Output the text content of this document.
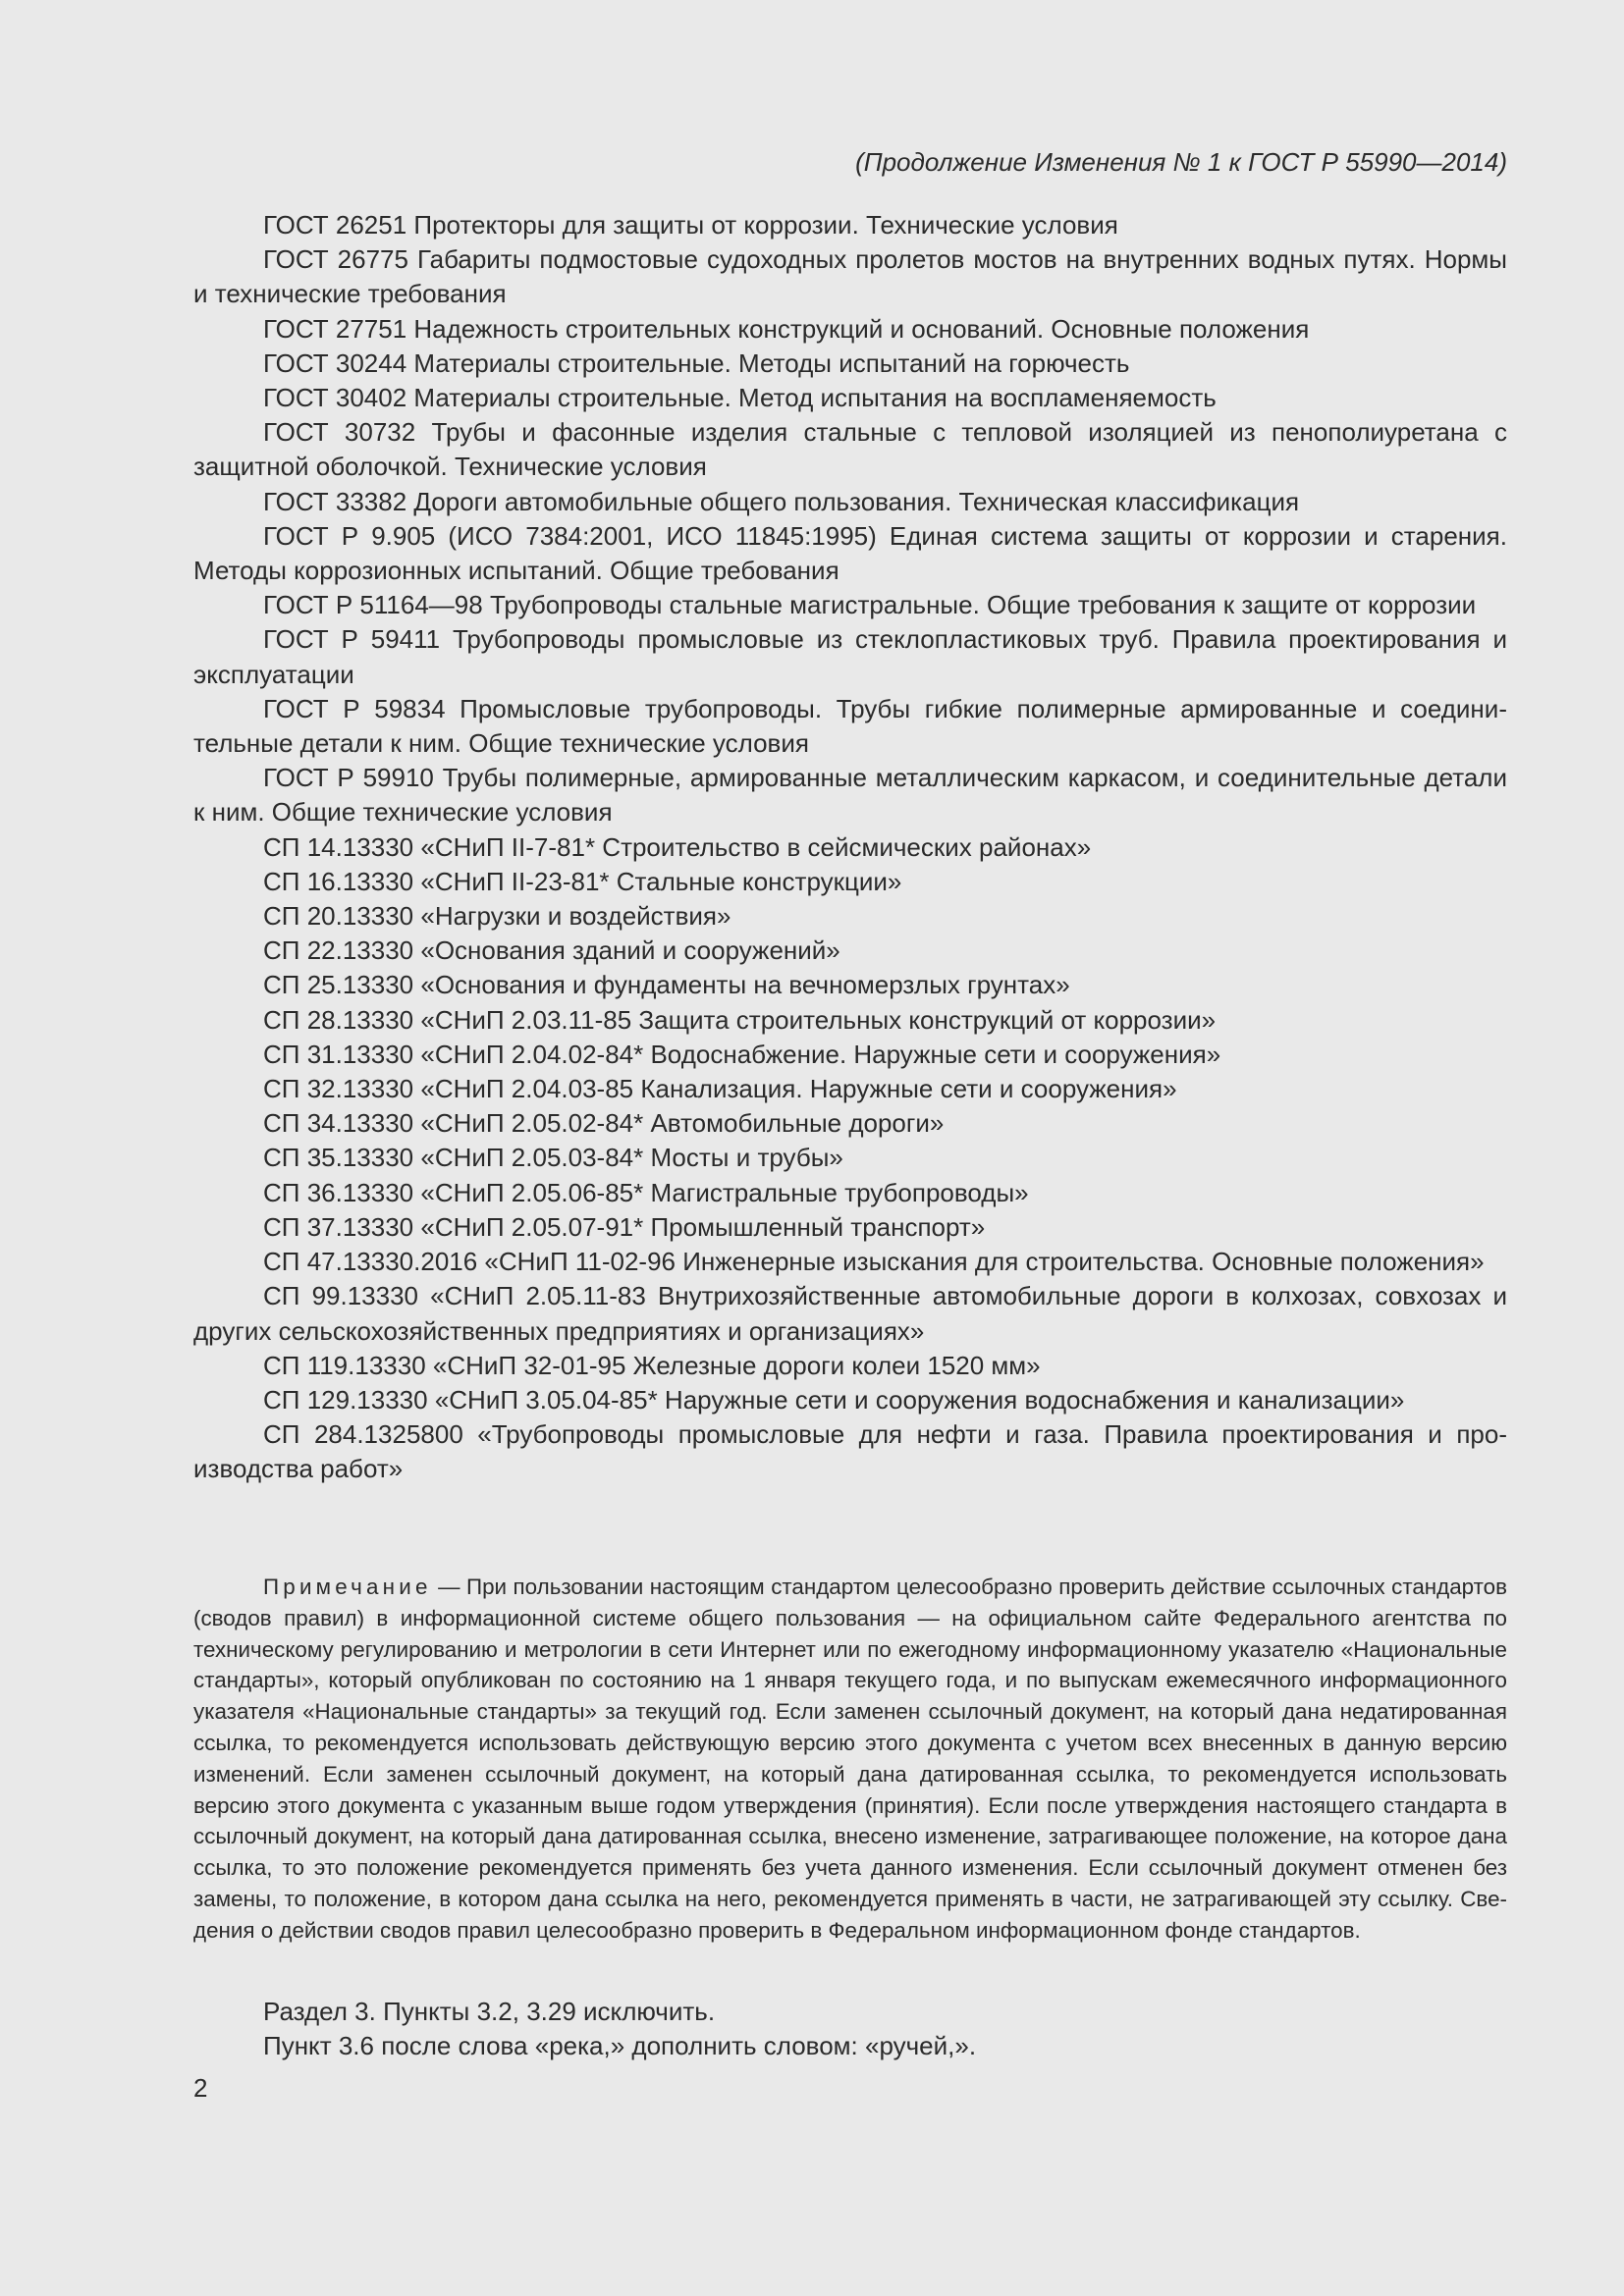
(Продолжение Изменения № 1 к ГОСТ Р 55990—2014)

ГОСТ 26251 Протекторы для защиты от коррозии. Технические условия

ГОСТ 26775 Габариты подмостовые судоходных пролетов мостов на внутренних водных путях. Нормы и технические требования

ГОСТ 27751 Надежность строительных конструкций и оснований. Основные положения

ГОСТ 30244 Материалы строительные. Методы испытаний на горючесть

ГОСТ 30402 Материалы строительные. Метод испытания на воспламеняемость

ГОСТ 30732 Трубы и фасонные изделия стальные с тепловой изоляцией из пенополиуретана с защитной оболочкой. Технические условия

ГОСТ 33382 Дороги автомобильные общего пользования. Техническая классификация

ГОСТ Р 9.905 (ИСО 7384:2001, ИСО 11845:1995) Единая система защиты от коррозии и старения. Методы коррозионных испытаний. Общие требования

ГОСТ Р 51164—98 Трубопроводы стальные магистральные. Общие требования к защите от коррозии

ГОСТ Р 59411 Трубопроводы промысловые из стеклопластиковых труб. Правила проектирования и эксплуатации

ГОСТ Р 59834 Промысловые трубопроводы. Трубы гибкие полимерные армированные и соединительные детали к ним. Общие технические условия

ГОСТ Р 59910 Трубы полимерные, армированные металлическим каркасом, и соединительные детали к ним. Общие технические условия

СП 14.13330 «СНиП II-7-81* Строительство в сейсмических районах»

СП 16.13330 «СНиП II-23-81* Стальные конструкции»

СП 20.13330 «Нагрузки и воздействия»

СП 22.13330 «Основания зданий и сооружений»

СП 25.13330 «Основания и фундаменты на вечномерзлых грунтах»

СП 28.13330 «СНиП 2.03.11-85 Защита строительных конструкций от коррозии»

СП 31.13330 «СНиП 2.04.02-84* Водоснабжение. Наружные сети и сооружения»

СП 32.13330 «СНиП 2.04.03-85 Канализация. Наружные сети и сооружения»

СП 34.13330 «СНиП 2.05.02-84* Автомобильные дороги»

СП 35.13330 «СНиП 2.05.03-84* Мосты и трубы»

СП 36.13330 «СНиП 2.05.06-85* Магистральные трубопроводы»

СП 37.13330 «СНиП 2.05.07-91* Промышленный транспорт»

СП 47.13330.2016 «СНиП 11-02-96 Инженерные изыскания для строительства. Основные положения»

СП 99.13330 «СНиП 2.05.11-83 Внутрихозяйственные автомобильные дороги в колхозах, совхозах и других сельскохозяйственных предприятиях и организациях»

СП 119.13330 «СНиП 32-01-95 Железные дороги колеи 1520 мм»

СП 129.13330 «СНиП 3.05.04-85* Наружные сети и сооружения водоснабжения и канализации»

СП 284.1325800 «Трубопроводы промысловые для нефти и газа. Правила проектирования и производства работ»

Примечание — При пользовании настоящим стандартом целесообразно проверить действие ссылочных стандартов (сводов правил) в информационной системе общего пользования — на официальном сайте Федерального агентства по техническому регулированию и метрологии в сети Интернет или по ежегодному информационному указателю «Национальные стандарты», который опубликован по состоянию на 1 января текущего года, и по выпускам ежемесячного информационного указателя «Национальные стандарты» за текущий год. Если заменен ссылочный документ, на который дана недатированная ссылка, то рекомендуется использовать действующую версию этого документа с учетом всех внесенных в данную версию изменений. Если заменен ссылочный документ, на который дана датированная ссылка, то рекомендуется использовать версию этого документа с указанным выше годом утверждения (принятия). Если после утверждения настоящего стандарта в ссылочный документ, на который дана датированная ссылка, внесено изменение, затрагивающее положение, на которое дана ссылка, то это положение рекомендуется применять без учета данного изменения. Если ссылочный документ отменен без замены, то положение, в котором дана ссылка на него, рекомендуется применять в части, не затрагивающей эту ссылку. Сведения о действии сводов правил целесообразно проверить в Федеральном информационном фонде стандартов.

Раздел 3. Пункты 3.2, 3.29 исключить.

Пункт 3.6 после слова «река,» дополнить словом: «ручей,».

2
